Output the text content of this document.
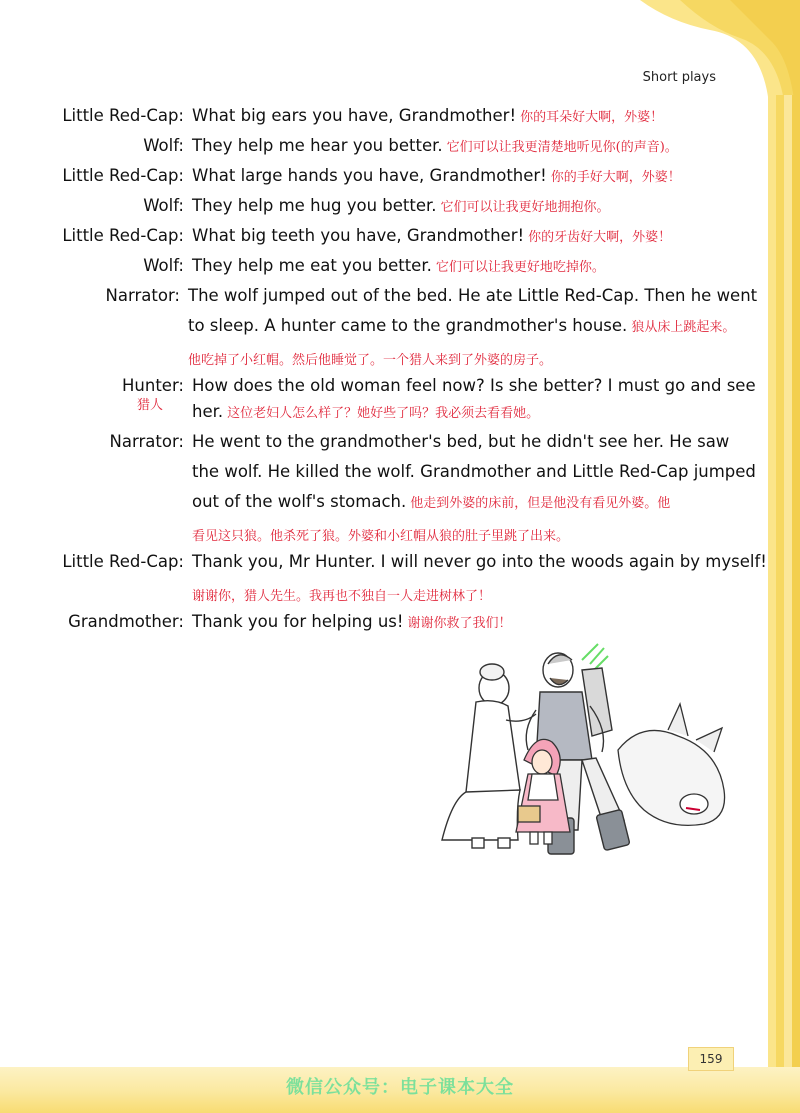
Short plays
Little Red-Cap: What big ears you have, Grandmother! 你的耳朵好大啊，外婆！
Wolf: They help me hear you better. 它们可以让我更清楚地听见你(的声音)。
Little Red-Cap: What large hands you have, Grandmother! 你的手好大啊，外婆！
Wolf: They help me hug you better. 它们可以让我更好地拥抱你。
Little Red-Cap: What big teeth you have, Grandmother! 你的牙齿好大啊，外婆！
Wolf: They help me eat you better. 它们可以让我更好地吃掉你。
Narrator: The wolf jumped out of the bed. He ate Little Red-Cap. Then he went
to sleep. A hunter came to the grandmother's house. 狼从床上跳起来。
他吃掉了小红帽。然后他睡觉了。一个猎人来到了外婆的房子。
Hunter: How does the old woman feel now? Is she better? I must go and see
猎人 her. 这位老妇人怎么样了？她好些了吗？我必须去看看她。
Narrator: He went to the grandmother's bed, but he didn't see her. He saw
the wolf. He killed the wolf. Grandmother and Little Red-Cap jumped
out of the wolf's stomach. 他走到外婆的床前，但是他没有看见外婆。他
看见这只狼。他杀死了狼。外婆和小红帽从狼的肚子里跳了出来。
Little Red-Cap: Thank you, Mr Hunter. I will never go into the woods again by myself!
谢谢你，猎人先生。我再也不独自一人走进树林了！
Grandmother: Thank you for helping us! 谢谢你救了我们！
159
微信公众号：电子课本大全
